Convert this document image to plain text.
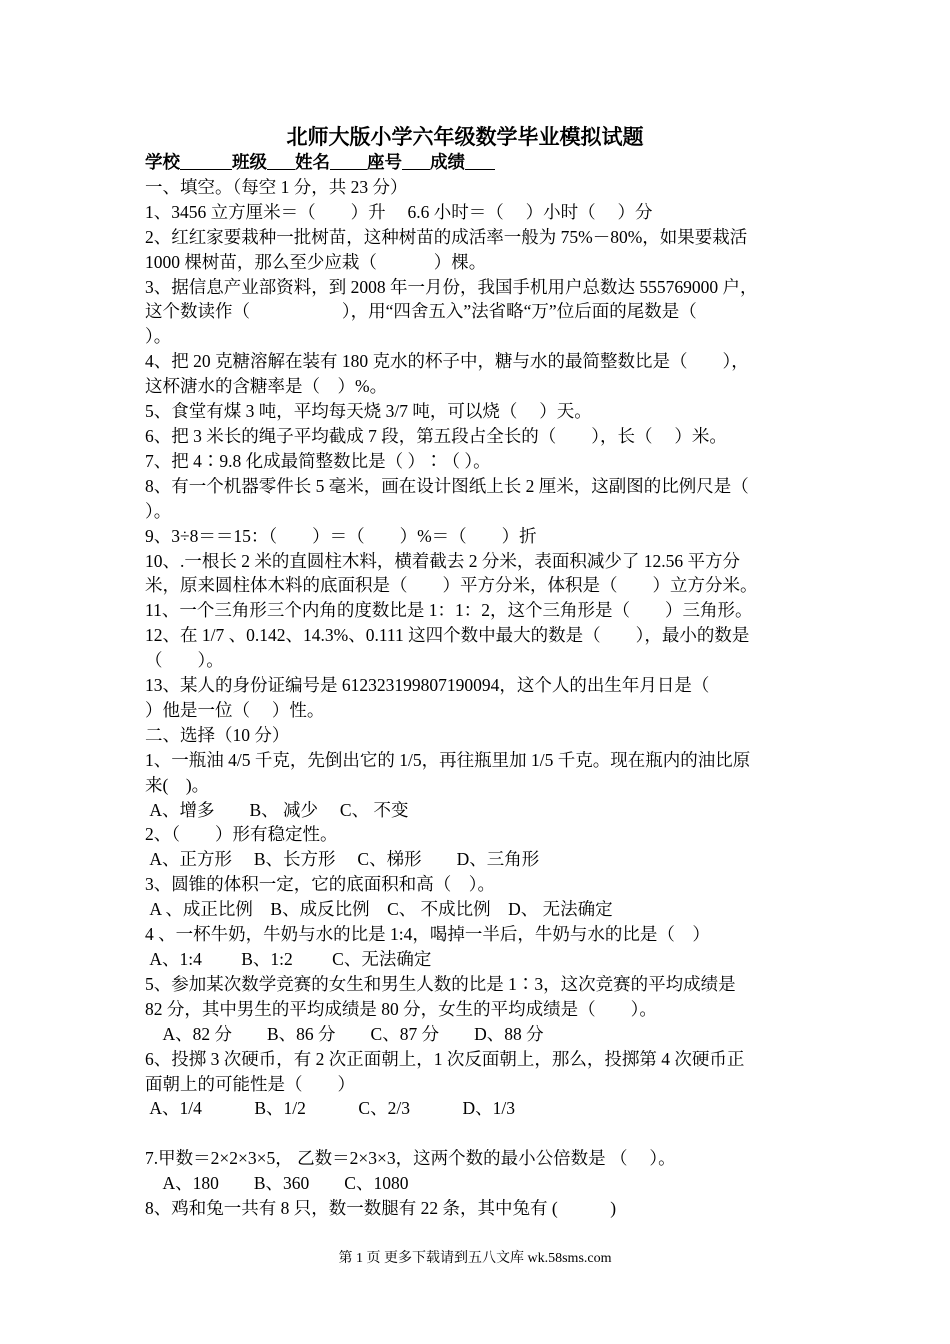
北师大版小学六年级数学毕业模拟试题

学校	班级 姓名 座号 成绩

一、填空。（每空 1 分，共 23 分）

1、3456 立方厘米＝（　　）升　 6.6 小时＝（　 ）小时（　 ）分

2、红红家要栽种一批树苗，这种树苗的成活率一般为 75%－80%，如果要栽活

1000 棵树苗，那么至少应栽（　　　 ）棵。

3、据信息产业部资料，到 2008 年一月份，我国手机用户总数达 555769000 户，

这个数读作（　　　　　 ），用“四舍五入”法省略“万”位后面的尾数是（

）。

4、把 20 克糖溶解在装有 180 克水的杯子中，糖与水的最简整数比是（　　），

这杯溏水的含糖率是（　）%。

5、食堂有煤 3 吨，平均每天烧 3/7 吨，可以烧（　 ）天。

6、把 3 米长的绳子平均截成 7 段，第五段占全长的（　　），长（　 ）米。

7、把 4∶9.8 化成最简整数比是（ ）∶（ ）。

8、有一个机器零件长 5 毫米，画在设计图纸上长 2 厘米，这副图的比例尺是（

）。

9、3÷8＝＝15：（　　）＝（　　）%＝（　　）折

10、.一根长 2 米的直圆柱木料，横着截去 2 分米，表面积减少了 12.56 平方分

米，原来圆柱体木料的底面积是（　　）平方分米，体积是（　　）立方分米。

11、一个三角形三个内角的度数比是 1：1：2，这个三角形是（　　）三角形。

12、在 1/7 、0.142、14.3%、0.111 这四个数中最大的数是（　　），最小的数是

（　　）。

13、某人的身份证编号是 612323199807190094，这个人的出生年月日是（

）他是一位（　 ）性。

二、选择（10 分）

1、一瓶油 4/5 千克，先倒出它的 1/5，再往瓶里加 1/5 千克。现在瓶内的油比原

来(　)。

A、增多　　B、 减少　 C、 不变

2、（　　）形有稳定性。

A、正方形　 B、长方形　 C、梯形　　D、三角形

3、圆锥的体积一定，它的底面积和高（　）。

A 、成正比例　B、成反比例　C、 不成比例　D、 无法确定

4 、一杯牛奶，牛奶与水的比是 1:4，喝掉一半后，牛奶与水的比是（　）

A、1:4　　 B、1:2　　 C、无法确定

5、参加某次数学竞赛的女生和男生人数的比是 1∶3，这次竞赛的平均成绩是

82 分，其中男生的平均成绩是 80 分，女生的平均成绩是（　　）。

　A、82 分　　B、86 分　　C、87 分　　D、88 分

6、投掷 3 次硬币，有 2 次正面朝上，1 次反面朝上，那么，投掷第 4 次硬币正

面朝上的可能性是（　　）

A、1/4　　　B、1/2　　　C、2/3　　　D、1/3

7.甲数＝2×2×3×5， 乙数＝2×3×3，这两个数的最小公倍数是 （　 ）。

　A、180　　B、360　　C、1080

8、鸡和兔一共有 8 只，数一数腿有 22 条，其中兔有 (　　　)

第 1 页 更多下载请到五八文库 wk.58sms.com
